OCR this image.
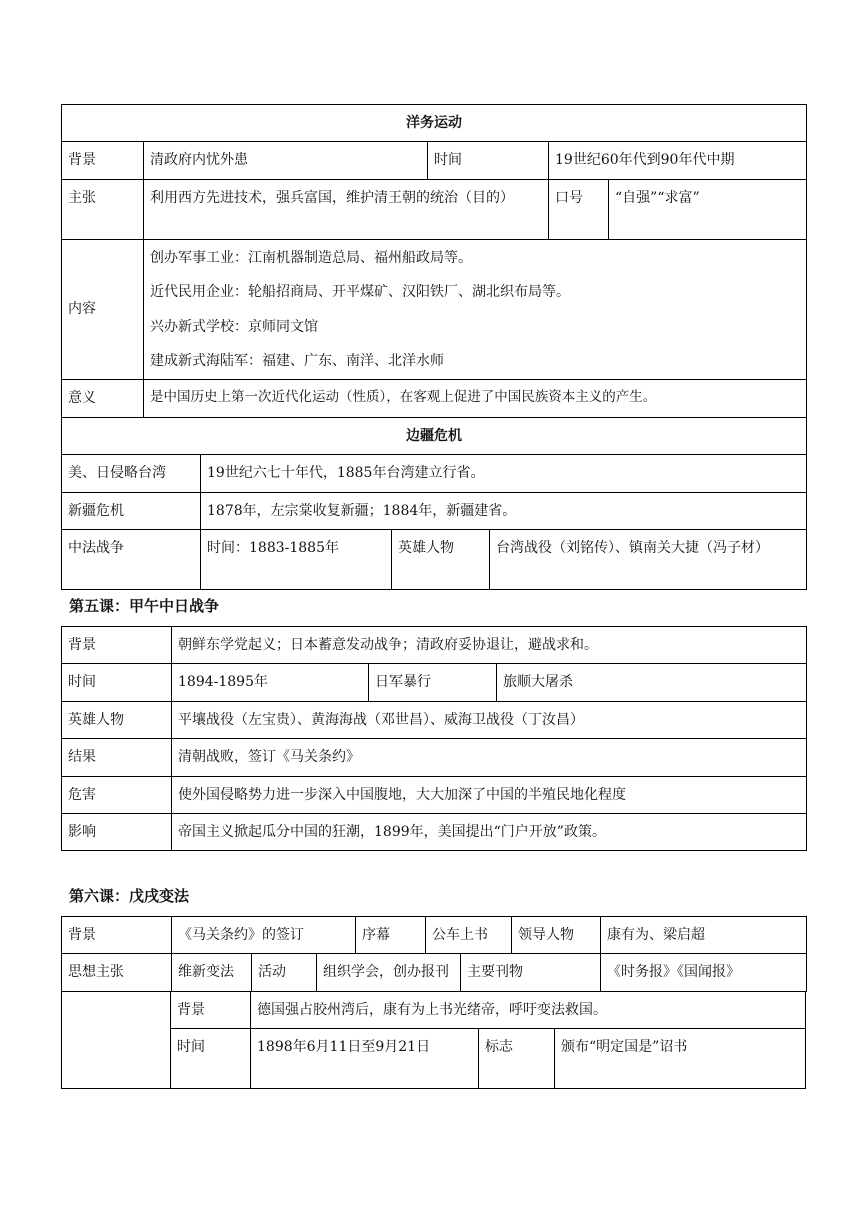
洋务运动				
背景	清政府内忧外患	时间	19世纪60年代到90年代中期	
主张	利用西方先进技术，强兵富国，维护清王朝的统治（目的）		口号	“自强”“求富”
内容	创办军事工业：江南机器制造总局、福州船政局等。

近代民用企业：轮船招商局、开平煤矿、汉阳铁厂、湖北织布局等。

兴办新式学校：京师同文馆

建成新式海陆军：福建、广东、南洋、北洋水师			

意义	是中国历史上第一次近代化运动（性质），在客观上促进了中国民族资本主义的产生。			
边疆危机				
美、日侵略台湾	19世纪六七十年代，1885年台湾建立行省。		
新疆危机	1878年，左宗棠收复新疆；1884年，新疆建省。		
中法战争	时间：1883-1885年	英雄人物	台湾战役（刘铭传）、镇南关大捷（冯子材）
第五课：甲午中日战争
背景	朝鲜东学党起义；日本蓄意发动战争；清政府妥协退让，避战求和。		
时间	1894-1895年	日军暴行	旅顺大屠杀
英雄人物	平壤战役（左宝贵）、黄海海战（邓世昌）、威海卫战役（丁汝昌）		
结果	清朝战败，签订《马关条约》		
危害	使外国侵略势力进一步深入中国腹地，大大加深了中国的半殖民地化程度		
影响	帝国主义掀起瓜分中国的狂潮，1899年，美国提出“门户开放”政策。		
第六课：戊戌变法
背景	《马关条约》的签订			序幕	公车上书		领导人物	康有为、梁启超
思想主张	维新变法	活动	组织学会，创办报刊			主要刊物		《时务报》《国闻报》
背景	德国强占胶州湾后，康有为上书光绪帝，呼吁变法救国。		
时间	1898年6月11日至9月21日	标志	颁布“明定国是”诏书
